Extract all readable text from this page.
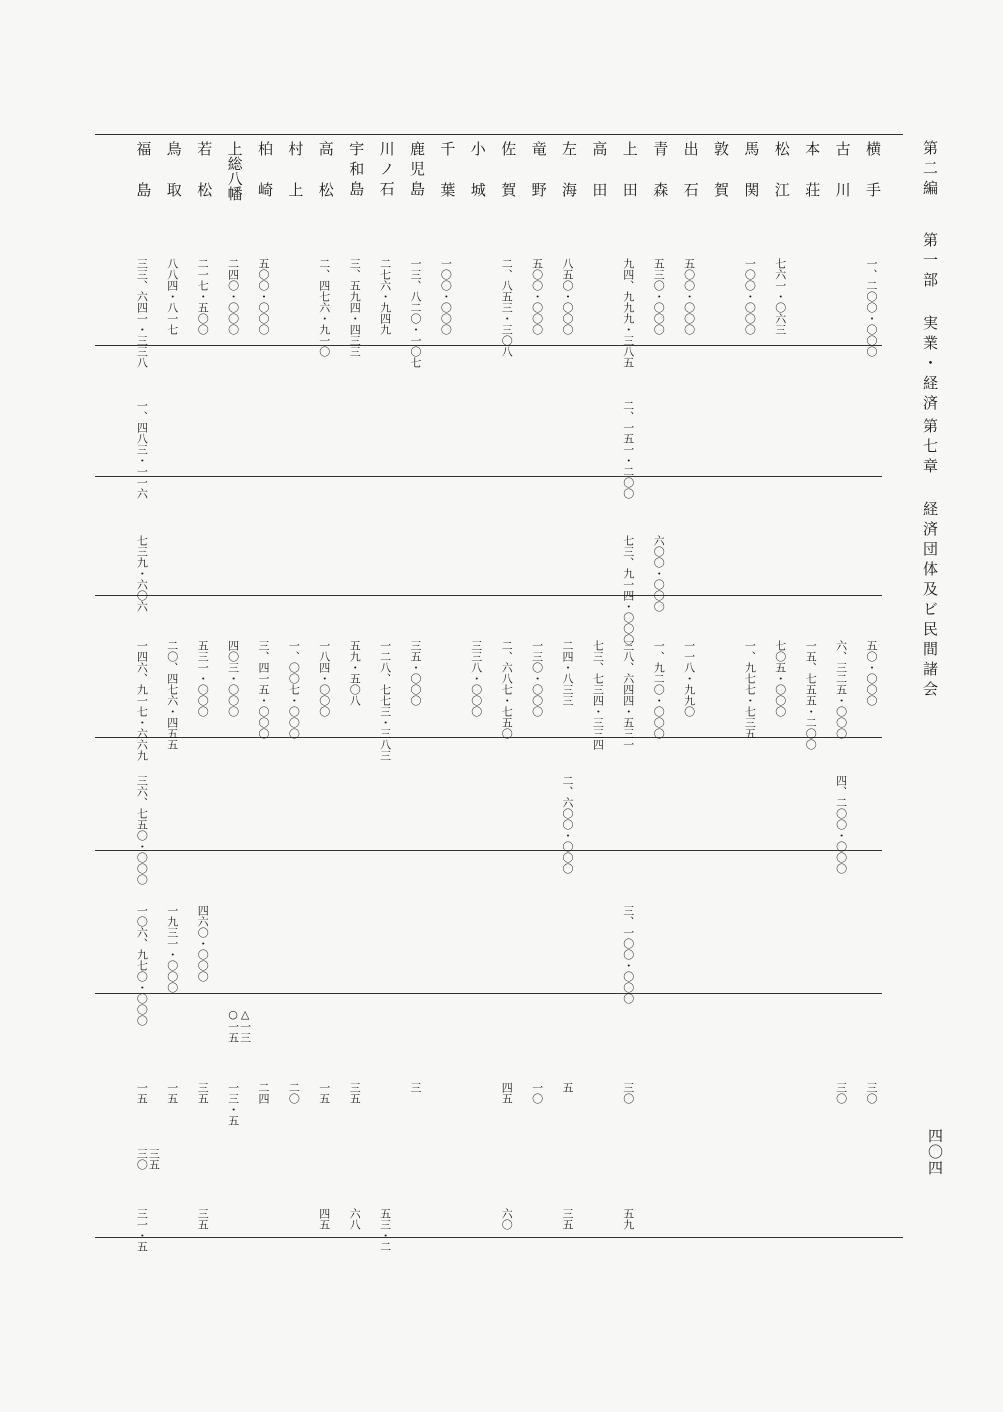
第二編
第一部 実業・経済
第七章 経済団体及ビ民間諸会
四〇四
横手
一、二〇〇・〇〇〇
五〇・〇〇〇
三〇
古川
六、三二五・〇〇〇
四、二〇〇・〇〇〇
三〇
本荘
一五、七五五・二〇〇
松江
七六一・〇六三
七〇五・〇〇〇
馬関
一〇〇・〇〇〇
一、九七七・七三五
敦賀
出石
五〇〇・〇〇〇
一一八・九九〇
青森
五三〇・〇〇〇
六〇〇・〇〇〇
一、九二〇・〇〇〇
上田
九四、九九九・三八五
二、一五一・二〇〇
七三、九一四・〇〇〇
三八、六四四・五三一
三、一〇〇・〇〇〇
三〇
五九
高田
七三、七三四・三三四
左海
八五〇・〇〇〇
二四・八三三
二、六〇〇・〇〇〇
五
三五
竜野
五〇〇・〇〇〇
一三〇・〇〇〇
一〇
佐賀
二、八五三・三〇八
二、六八七・七五〇
四五
六〇
小城
三三八・〇〇〇
千葉
一〇〇・〇〇〇
鹿児島
一三、八二〇・一〇七
三五・〇〇〇
三
川ノ石
二七六・九四九
一二八、七七三・三八三
五三・二
宇和島
三、五九四・四三三
五九・五〇八
三五
六八
高松
二、四七六・九一〇
一八四・〇〇〇
一五
四五
村上
一、〇〇七・〇〇〇
二〇
柏崎
五〇〇・〇〇〇
三、四一五・〇〇〇
二四
上総八幡
二四〇・〇〇〇
四〇三・〇〇〇
○一五 △一三
一三・五
若松
二一七・五〇〇
五三一・〇〇〇
四六〇・〇〇〇
三五
三五
鳥取
八八四・八一七
二〇、四七六・四五五
一九三一・〇〇〇
一五
福島
三三、六四一・三三八
一、四八三・一一六
七三九・六〇六
一四六、九一七・六六九
三六、七五〇・〇〇〇
一〇六、九七〇・〇〇〇
一五
三〇 三五
三一・五
